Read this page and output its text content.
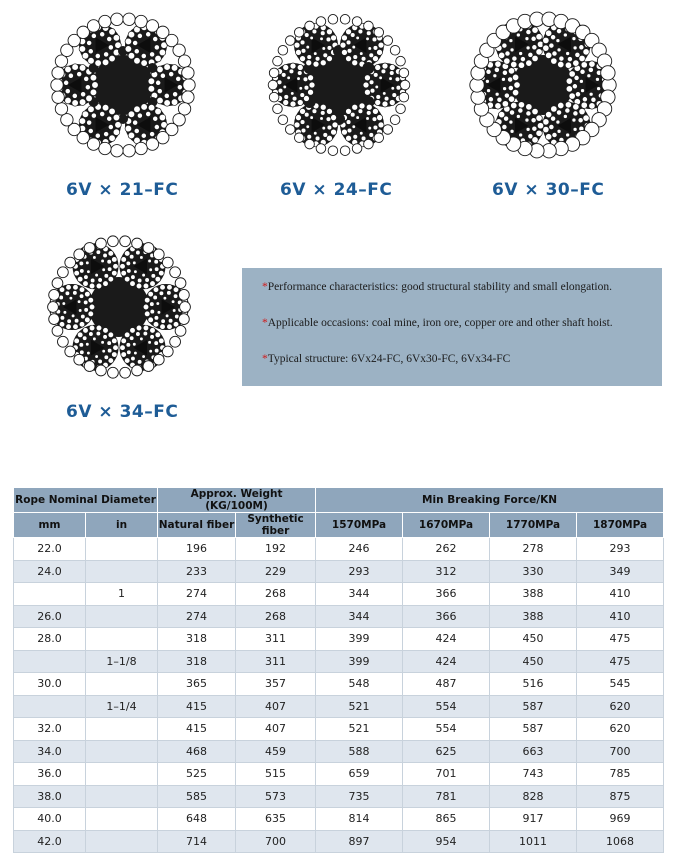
6V × 21–FC	6V × 24–FC	6V × 30–FC
6V × 34–FC
*Performance characteristics: good structural stability and small elongation.
*Applicable occasions: coal mine, iron ore, copper ore and other shaft hoist.
*Typical structure: 6Vx24-FC, 6Vx30-FC, 6Vx34-FC
Rope Nominal Diameter		Approx. Weight (KG/100M)		Min Breaking Force/KN			
mm	in	Natural fiber	Synthetic fiber	1570MPa	1670MPa	1770MPa	1870MPa
22.0		196	192	246	262	278	293
24.0		233	229	293	312	330	349
	1	274	268	344	366	388	410
26.0		274	268	344	366	388	410
28.0		318	311	399	424	450	475
	1–1/8	318	311	399	424	450	475
30.0		365	357	548	487	516	545
	1–1/4	415	407	521	554	587	620
32.0		415	407	521	554	587	620
34.0		468	459	588	625	663	700
36.0		525	515	659	701	743	785
38.0		585	573	735	781	828	875
40.0		648	635	814	865	917	969
42.0		714	700	897	954	1011	1068
